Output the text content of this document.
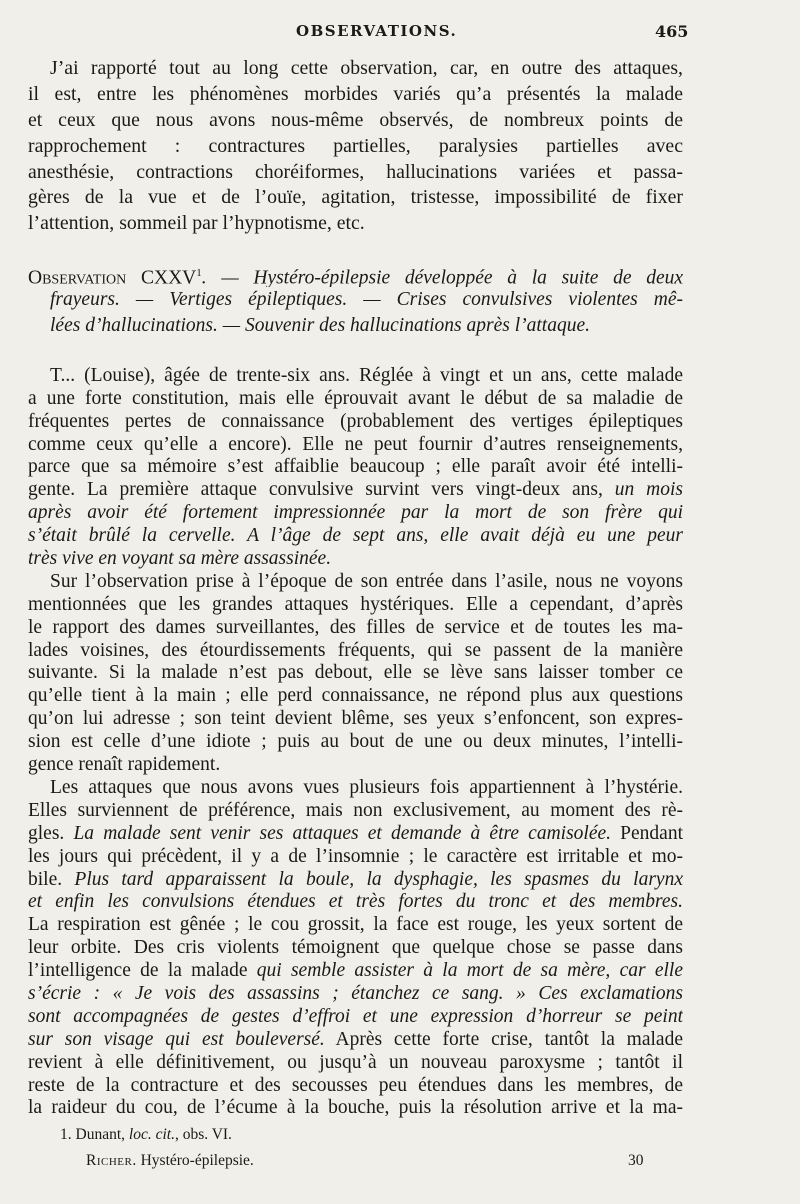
OBSERVATIONS.	465
J’ai rapporté tout au long cette observation, car, en outre des attaques,
il est, entre les phénomènes morbides variés qu’a présentés la malade
et ceux que nous avons nous-même observés, de nombreux points de
rapprochement : contractures partielles, paralysies partielles avec
anesthésie, contractions choréiformes, hallucinations variées et passa-
gères de la vue et de l’ouïe, agitation, tristesse, impossibilité de fixer
l’attention, sommeil par l’hypnotisme, etc.
Observation CXXV$^1$. — Hystéro-épilepsie développée à la suite de deux
frayeurs. — Vertiges épileptiques. — Crises convulsives violentes mê-
lées d’hallucinations. — Souvenir des hallucinations après l’attaque.
T... (Louise), âgée de trente-six ans. Réglée à vingt et un ans, cette malade
a une forte constitution, mais elle éprouvait avant le début de sa maladie de
fréquentes pertes de connaissance (probablement des vertiges épileptiques
comme ceux qu’elle a encore). Elle ne peut fournir d’autres renseignements,
parce que sa mémoire s’est affaiblie beaucoup ; elle paraît avoir été intelli-
gente. La première attaque convulsive survint vers vingt-deux ans, un mois
après avoir été fortement impressionnée par la mort de son frère qui
s’était brûlé la cervelle. A l’âge de sept ans, elle avait déjà eu une peur
très vive en voyant sa mère assassinée.
Sur l’observation prise à l’époque de son entrée dans l’asile, nous ne voyons
mentionnées que les grandes attaques hystériques. Elle a cependant, d’après
le rapport des dames surveillantes, des filles de service et de toutes les ma-
lades voisines, des étourdissements fréquents, qui se passent de la manière
suivante. Si la malade n’est pas debout, elle se lève sans laisser tomber ce
qu’elle tient à la main ; elle perd connaissance, ne répond plus aux questions
qu’on lui adresse ; son teint devient blême, ses yeux s’enfoncent, son expres-
sion est celle d’une idiote ; puis au bout de une ou deux minutes, l’intelli-
gence renaît rapidement.
Les attaques que nous avons vues plusieurs fois appartiennent à l’hystérie.
Elles surviennent de préférence, mais non exclusivement, au moment des rè-
gles. La malade sent venir ses attaques et demande à être camisolée. Pendant
les jours qui précèdent, il y a de l’insomnie ; le caractère est irritable et mo-
bile. Plus tard apparaissent la boule, la dysphagie, les spasmes du larynx
et enfin les convulsions étendues et très fortes du tronc et des membres.
La respiration est gênée ; le cou grossit, la face est rouge, les yeux sortent de
leur orbite. Des cris violents témoignent que quelque chose se passe dans
l’intelligence de la malade qui semble assister à la mort de sa mère, car elle
s’écrie : « Je vois des assassins ; étanchez ce sang. » Ces exclamations
sont accompagnées de gestes d’effroi et une expression d’horreur se peint
sur son visage qui est bouleversé. Après cette forte crise, tantôt la malade
revient à elle définitivement, ou jusqu’à un nouveau paroxysme ; tantôt il
reste de la contracture et des secousses peu étendues dans les membres, de
la raideur du cou, de l’écume à la bouche, puis la résolution arrive et la ma-
1. Dunant, loc. cit., obs. VI.
Richer. Hystéro-épilepsie.	30
